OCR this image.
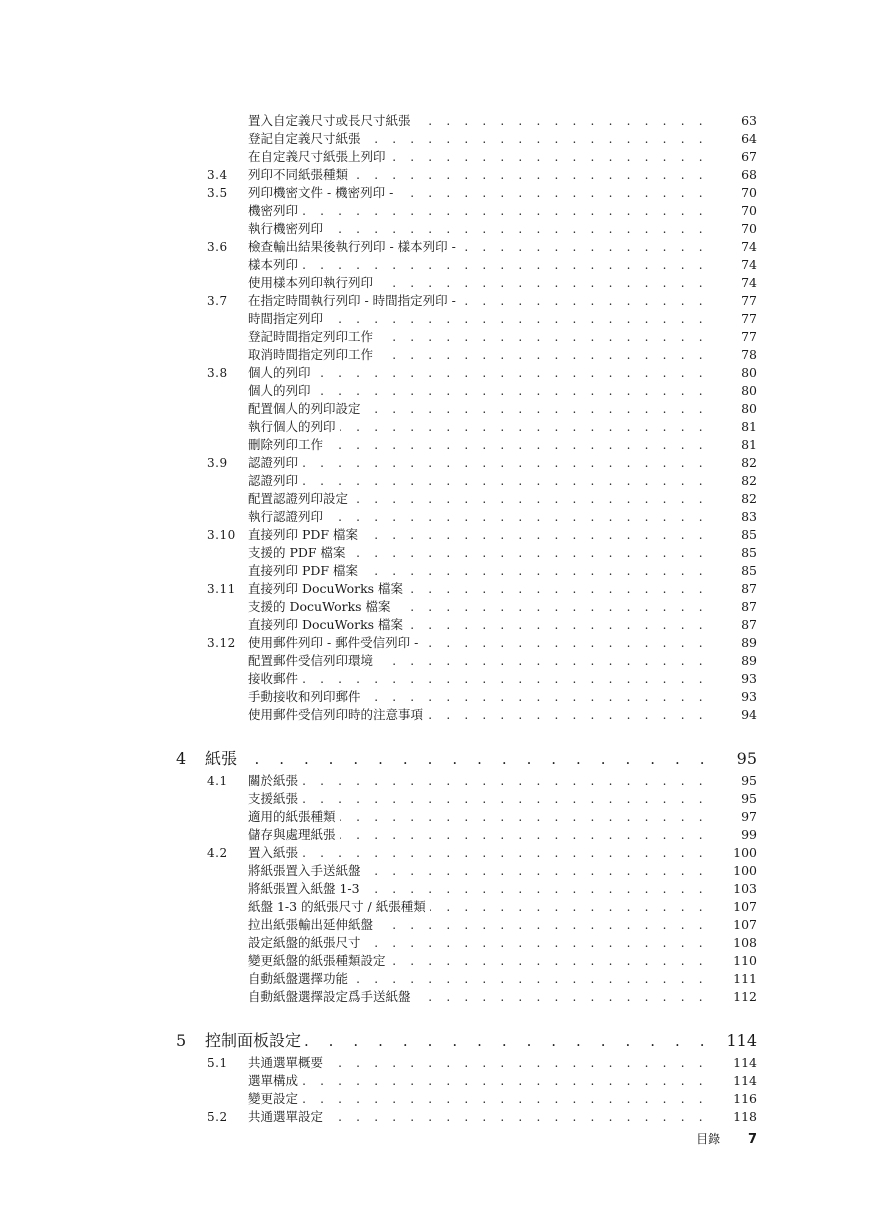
置入自定義尺寸或長尺寸紙張 . . .	63
登記自定義尺寸紙張 . . .	64
在自定義尺寸紙張上列印 . . .	67
3.4	列印不同紙張種類 . . .	68
3.5	列印機密文件 - 機密列印 - . . .	70
機密列印 . . .	70
執行機密列印 . . .	70
3.6	檢查輸出結果後執行列印 - 樣本列印 - . . .	74
樣本列印 . . .	74
使用樣本列印執行列印 . . .	74
3.7	在指定時間執行列印 - 時間指定列印 - . . .	77
時間指定列印 . . .	77
登記時間指定列印工作 . . .	77
取消時間指定列印工作 . . .	78
3.8	個人的列印 . . .	80
個人的列印 . . .	80
配置個人的列印設定 . . .	80
執行個人的列印 . . .	81
刪除列印工作 . . .	81
3.9	認證列印 . . .	82
認證列印 . . .	82
配置認證列印設定 . . .	82
執行認證列印 . . .	83
3.10 直接列印 PDF 檔案 . . .	85
支援的 PDF 檔案 . . .	85
直接列印 PDF 檔案 . . .	85
3.11 直接列印 DocuWorks 檔案 . . .	87
支援的 DocuWorks 檔案 . . .	87
直接列印 DocuWorks 檔案 . . .	87
3.12 使用郵件列印 - 郵件受信列印 - . . .	89
配置郵件受信列印環境 . . .	89
接收郵件 . . .	93
手動接收和列印郵件 . . .	93
使用郵件受信列印時的注意事項 . . .	94
4	紙張 . . .	95
4.1	關於紙張 . . .	95
支援紙張 . . .	95
適用的紙張種類 . . .	97
儲存與處理紙張 . . .	99
4.2	置入紙張 . . .	100
將紙張置入手送紙盤 . . .	100
將紙張置入紙盤 1-3 . . .	103
紙盤 1-3 的紙張尺寸 / 紙張種類 . . .	107
拉出紙張輸出延伸紙盤 . . .	107
設定紙盤的紙張尺寸 . . .	108
變更紙盤的紙張種類設定 . . .	110
自動紙盤選擇功能 . . .	111
自動紙盤選擇設定爲手送紙盤 . . .	112
5	控制面板設定 . . .	114
5.1	共通選單概要 . . .	114
選單構成 . . .	114
變更設定 . . .	116
5.2	共通選單設定 . . .	118
目錄 7
